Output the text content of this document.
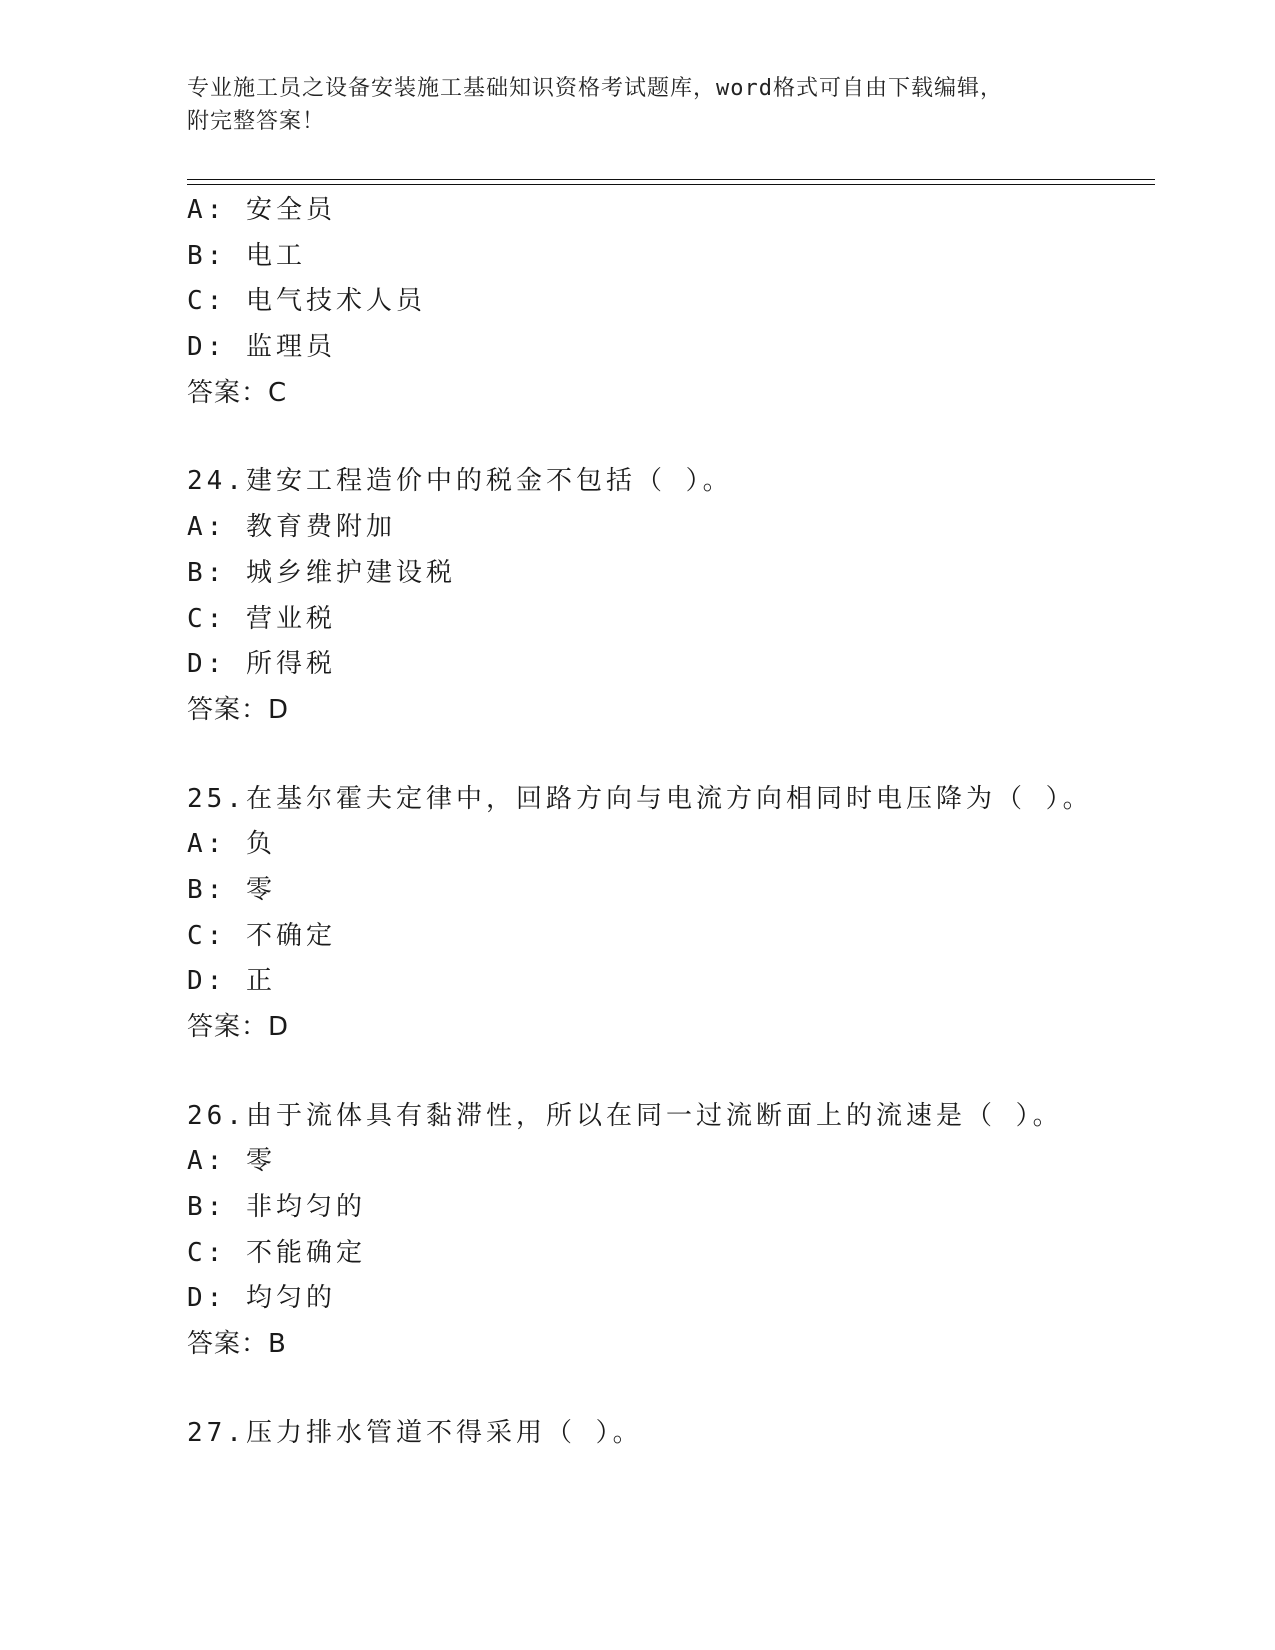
专业施工员之设备安装施工基础知识资格考试题库，word格式可自由下载编辑，
附完整答案！
A: 安全员
B: 电工
C: 电气技术人员
D: 监理员
答案：C
24.建安工程造价中的税金不包括（ ）。
A: 教育费附加
B: 城乡维护建设税
C: 营业税
D: 所得税
答案：D
25.在基尔霍夫定律中，回路方向与电流方向相同时电压降为（ ）。
A: 负
B: 零
C: 不确定
D: 正
答案：D
26.由于流体具有黏滞性，所以在同一过流断面上的流速是（ ）。
A: 零
B: 非均匀的
C: 不能确定
D: 均匀的
答案：B
27.压力排水管道不得采用（ ）。
